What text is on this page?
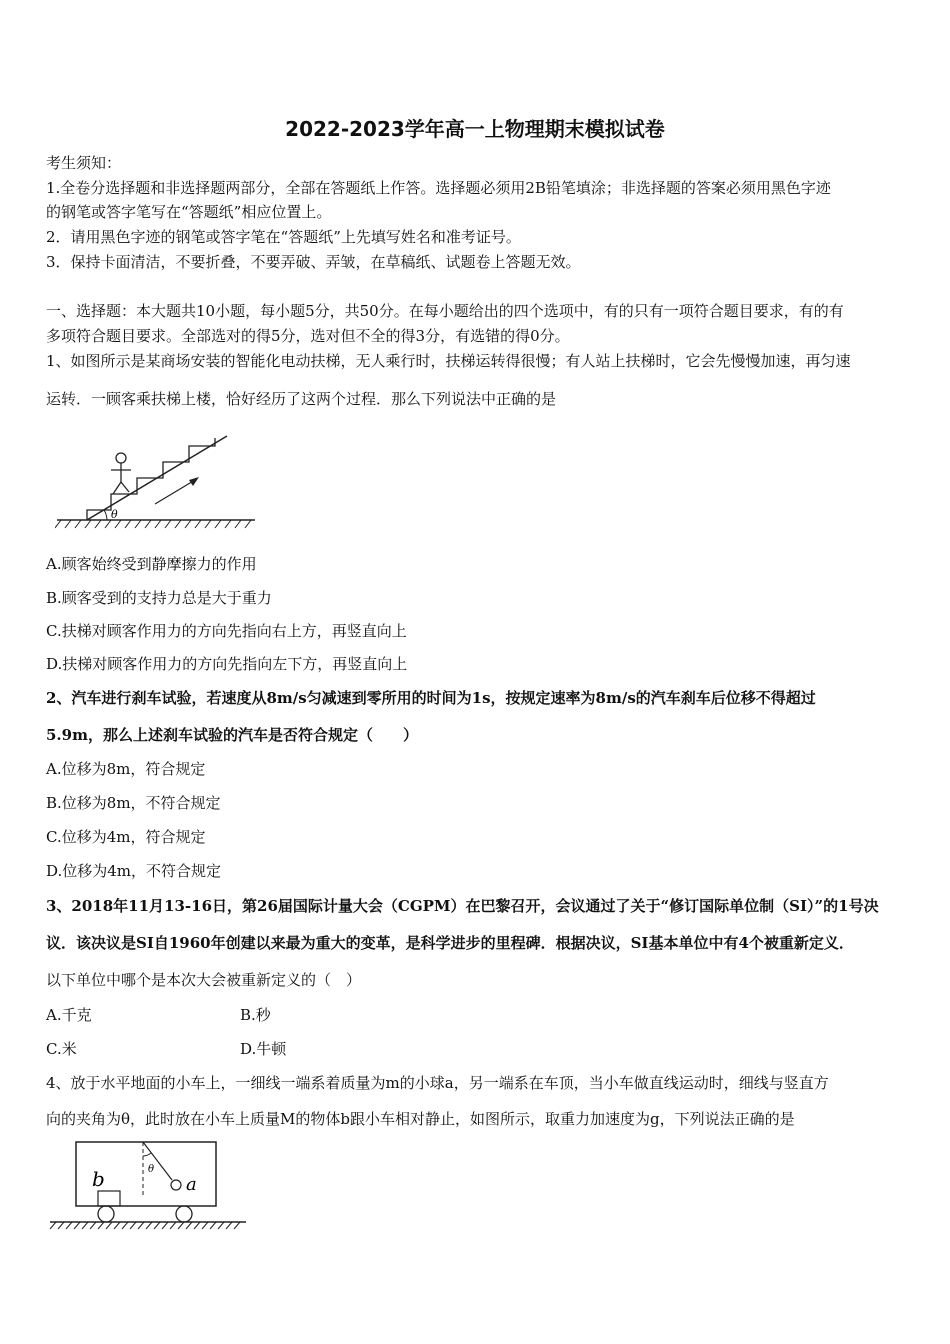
2022-2023学年高一上物理期末模拟试卷
考生须知：
1.全卷分选择题和非选择题两部分，全部在答题纸上作答。选择题必须用2B铅笔填涂；非选择题的答案必须用黑色字迹
的钢笔或答字笔写在“答题纸”相应位置上。
2．请用黑色字迹的钢笔或答字笔在“答题纸”上先填写姓名和准考证号。
3．保持卡面清洁，不要折叠，不要弄破、弄皱，在草稿纸、试题卷上答题无效。
一、选择题：本大题共10小题，每小题5分，共50分。在每小题给出的四个选项中，有的只有一项符合题目要求，有的有
多项符合题目要求。全部选对的得5分，选对但不全的得3分，有选错的得0分。
1、如图所示是某商场安装的智能化电动扶梯，无人乘行时，扶梯运转得很慢；有人站上扶梯时，它会先慢慢加速，再匀速
运转．一顾客乘扶梯上楼，恰好经历了这两个过程．那么下列说法中正确的是
θ
A.顾客始终受到静摩擦力的作用
B.顾客受到的支持力总是大于重力
C.扶梯对顾客作用力的方向先指向右上方，再竖直向上
D.扶梯对顾客作用力的方向先指向左下方，再竖直向上
2、汽车进行刹车试验，若速度从8m/s匀减速到零所用的时间为1s，按规定速率为8m/s的汽车刹车后位移不得超过
5.9m，那么上述刹车试验的汽车是否符合规定（　　）
A.位移为8m，符合规定
B.位移为8m，不符合规定
C.位移为4m，符合规定
D.位移为4m，不符合规定
3、2018年11月13-16日，第26届国际计量大会（CGPM）在巴黎召开，会议通过了关于“修订国际单位制（SI）”的1号决
议．该决议是SI自1960年创建以来最为重大的变革，是科学进步的里程碑．根据决议，SI基本单位中有4个被重新定义．
以下单位中哪个是本次大会被重新定义的（　）
A.千克	B.秒
C.米	D.牛顿
4、放于水平地面的小车上，一细线一端系着质量为m的小球a，另一端系在车顶，当小车做直线运动时，细线与竖直方
向的夹角为θ，此时放在小车上质量M的物体b跟小车相对静止，如图所示，取重力加速度为g，下列说法正确的是
θ
a
b
